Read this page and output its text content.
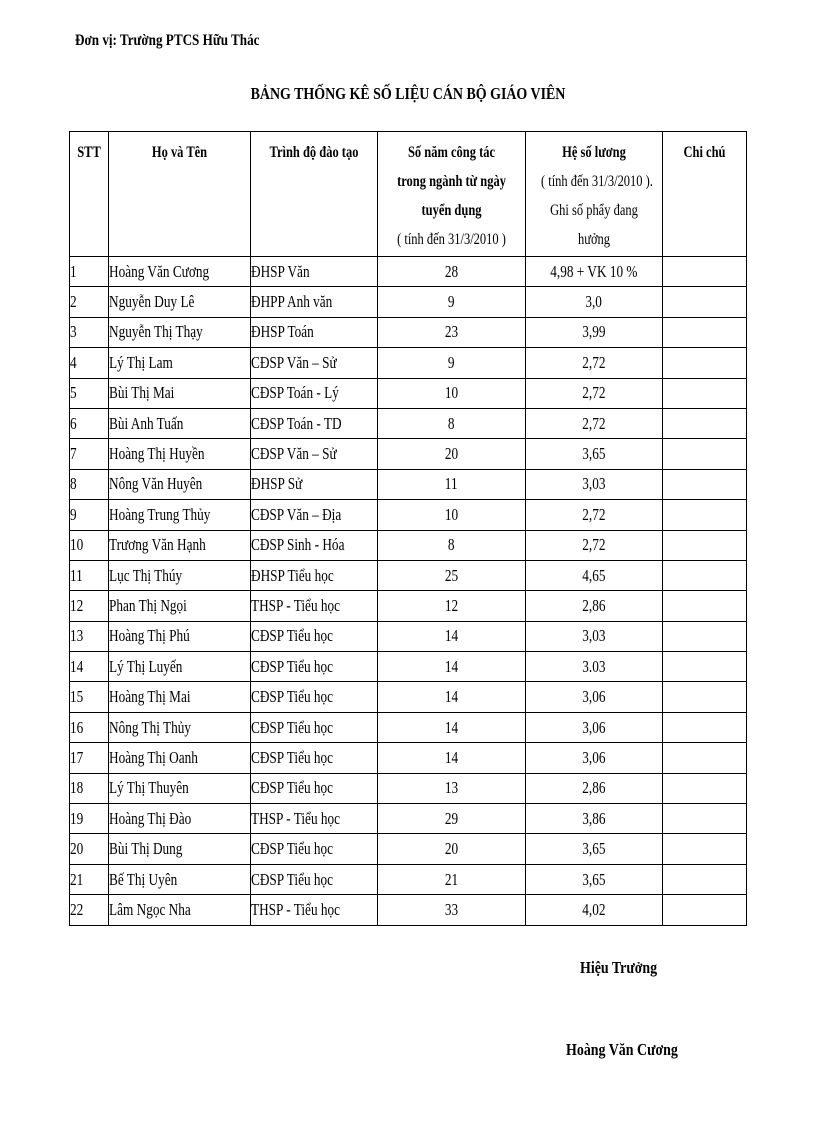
Đơn vị: Trường PTCS Hữu Thác
BẢNG THỐNG KÊ SỐ LIỆU CÁN BỘ GIÁO VIÊN
STT	Họ và Tên	Trình độ đào tạo	Số năm công tác
trong ngành từ ngày
tuyển dụng
( tính đến 31/3/2010 )	Hệ số lương
( tính đến 31/3/2010 ).
Ghi số phẩy đang
hưởng	Chi chú

1	Hoàng Văn Cương	ĐHSP Văn	28	4,98 + VK 10 %	
2	Nguyễn Duy Lê	ĐHPP Anh văn	9	3,0	
3	Nguyễn Thị Thạy	ĐHSP Toán	23	3,99	
4	Lý Thị Lam	CĐSP Văn – Sử	9	2,72	
5	Bùi Thị Mai	CĐSP Toán - Lý	10	2,72	
6	Bùi Anh Tuấn	CĐSP Toán - TD	8	2,72	
7	Hoàng Thị Huyền	CĐSP Văn – Sử	20	3,65	
8	Nông Văn Huyên	ĐHSP Sử	11	3,03	
9	Hoàng Trung Thủy	CĐSP Văn – Địa	10	2,72	
10	Trương Văn Hạnh	CĐSP Sinh - Hóa	8	2,72	
11	Lục Thị Thúy	ĐHSP Tiểu học	25	4,65	
12	Phan Thị Ngọi	THSP - Tiểu học	12	2,86	
13	Hoàng Thị Phú	CĐSP Tiểu học	14	3,03	
14	Lý Thị Luyến	CĐSP Tiểu học	14	3.03	
15	Hoàng Thị Mai	CĐSP Tiểu học	14	3,06	
16	Nông Thị Thủy	CĐSP Tiểu học	14	3,06	
17	Hoàng Thị Oanh	CĐSP Tiểu học	14	3,06	
18	Lý Thị Thuyên	CĐSP Tiểu học	13	2,86	
19	Hoàng Thị Đào	THSP - Tiểu học	29	3,86	
20	Bùi Thị Dung	CĐSP Tiểu học	20	3,65	
21	Bế Thị Uyên	CĐSP Tiểu học	21	3,65	
22	Lâm Ngọc Nha	THSP - Tiểu học	33	4,02	
Hiệu Trưởng
Hoàng Văn Cương
